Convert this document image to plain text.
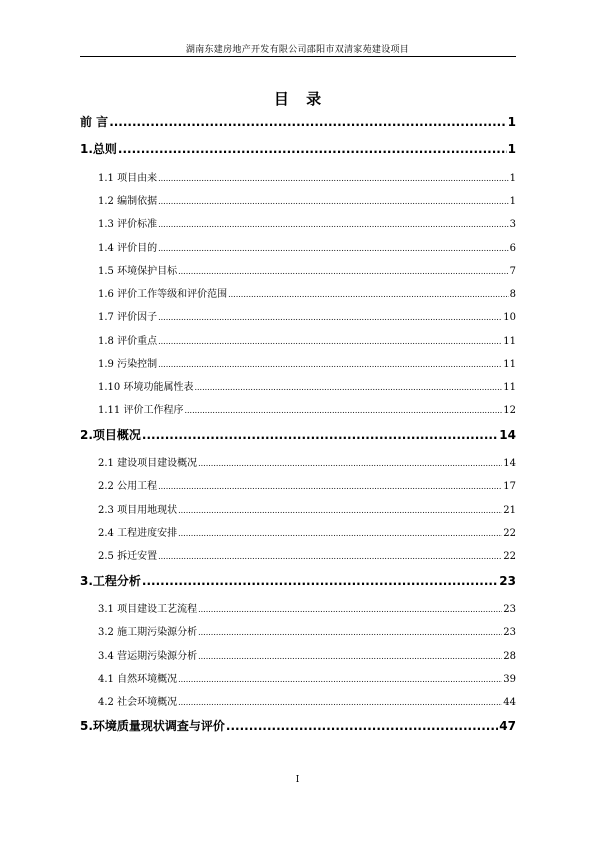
湖南东建房地产开发有限公司邵阳市双清家苑建设项目
目 录
前 言 .....	1
1.总则 .....	1
1.1 项目由来 .....	1
1.2 编制依据 .....	1
1.3 评价标准 .....	3
1.4 评价目的 .....	6
1.5 环境保护目标 .....	7
1.6 评价工作等级和评价范围 .....	8
1.7 评价因子 .....	10
1.8 评价重点 .....	11
1.9 污染控制 .....	11
1.10 环境功能属性表 .....	11
1.11 评价工作程序 .....	12
2.项目概况 .....	14
2.1 建设项目建设概况 .....	14
2.2 公用工程 .....	17
2.3 项目用地现状 .....	21
2.4 工程进度安排 .....	22
2.5 拆迁安置 .....	22
3.工程分析 .....	23
3.1 项目建设工艺流程 .....	23
3.2 施工期污染源分析 .....	23
3.4 营运期污染源分析 .....	28
4.1 自然环境概况 .....	39
4.2 社会环境概况 .....	44
5.环境质量现状调查与评价 .....	47
I
